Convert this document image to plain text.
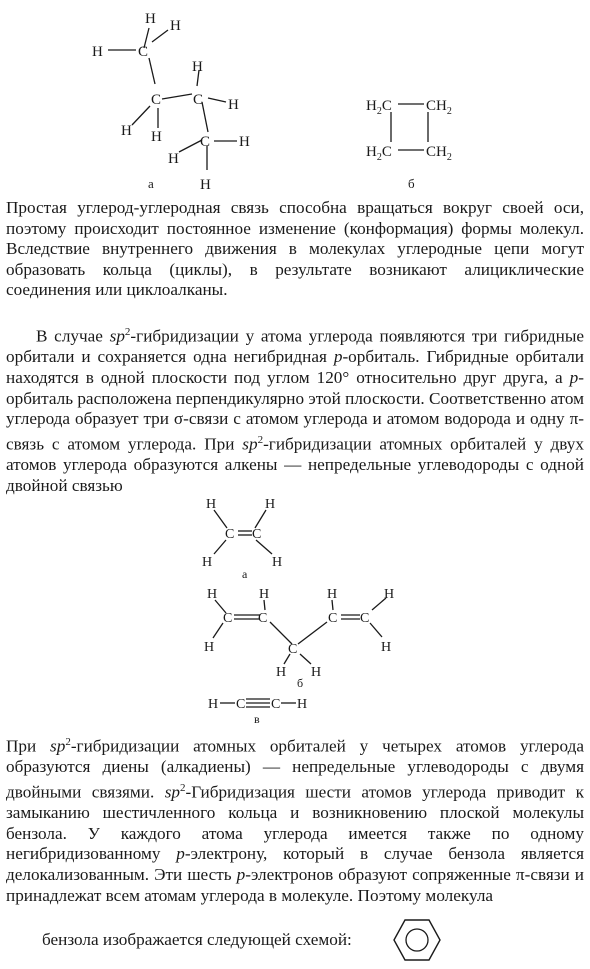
H H
H C
C
H
C H
H H	C H
H
H
$H_2C$ $CH_2$
$H_2C$ $CH_2$
а	б

Простая углерод-углеродная связь способна вращаться вокруг своей оси, поэтому происходит постоянное изменение (конформация) формы молекул. Вследствие внутреннего движения в молекулах углеродные цепи могут образовать кольца (циклы), в результате возникают алициклические соединения или циклоалканы.

В случае $sp^2$-гибридизации у атома углерода появляются три гибридные орбитали и сохраняется одна негибридная p-орбиталь. Гибридные орбитали находятся в одной плоскости под углом 120° относительно друг друга, а p-орбиталь расположена перпендикулярно этой плоскости. Соответственно атом углерода образует три σ-связи с атомом углерода и атомом водорода и одну π-связь с атомом углерода. При $sp^2$-гибридизации атомных орбиталей у двух атомов углерода образуются алкены — непредельные углеводороды с одной двойной связью

H	H
C C
H	H
H	H	H	H
C C	C C
H	H
C
H H
H C C H
а
б
в

При $sp^2$-гибридизации атомных орбиталей у четырех атомов углерода образуются диены (алкадиены) — непредельные углеводороды с двумя двойными связями. $sp^2$-Гибридизация шести атомов углерода приводит к замыканию шестичленного кольца и возникновению плоской молекулы бензола. У каждого атома углерода имеется также по одному негибридизованному p-электрону, который в случае бензола является делокализованным. Эти шесть p-электронов образуют сопряженные π-связи и принадлежат всем атомам углерода в молекуле. Поэтому молекула

бензола изображается следующей схемой:
